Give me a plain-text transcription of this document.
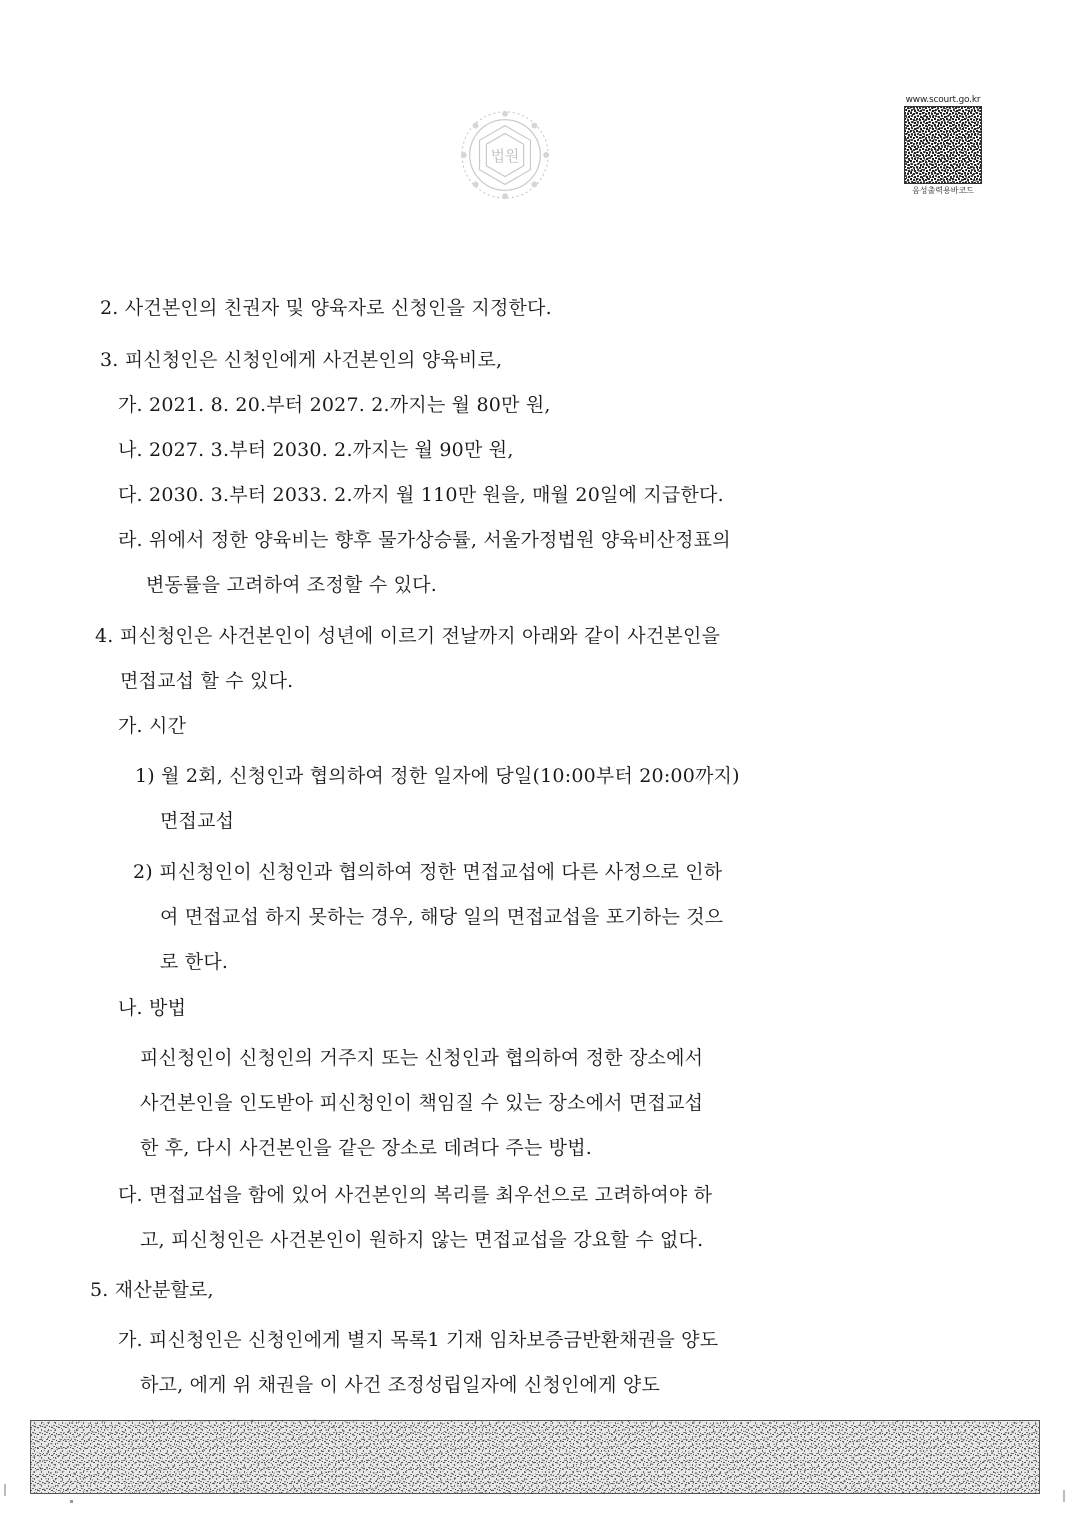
법원
www.scourt.go.kr
음성출력용바코드
2. 사건본인의 친권자 및 양육자로 신청인을 지정한다.
3. 피신청인은 신청인에게 사건본인의 양육비로,
가. 2021. 8. 20.부터 2027. 2.까지는 월 80만 원,
나. 2027. 3.부터 2030. 2.까지는 월 90만 원,
다. 2030. 3.부터 2033. 2.까지 월 110만 원을, 매월 20일에 지급한다.
라. 위에서 정한 양육비는 향후 물가상승률, 서울가정법원 양육비산정표의
변동률을 고려하여 조정할 수 있다.
4. 피신청인은 사건본인이 성년에 이르기 전날까지 아래와 같이 사건본인을
면접교섭 할 수 있다.
가. 시간
1) 월 2회, 신청인과 협의하여 정한 일자에 당일(10:00부터 20:00까지)
면접교섭
2) 피신청인이 신청인과 협의하여 정한 면접교섭에 다른 사정으로 인하
여 면접교섭 하지 못하는 경우, 해당 일의 면접교섭을 포기하는 것으
로 한다.
나. 방법
피신청인이 신청인의 거주지 또는 신청인과 협의하여 정한 장소에서
사건본인을 인도받아 피신청인이 책임질 수 있는 장소에서 면접교섭
한 후, 다시 사건본인을 같은 장소로 데려다 주는 방법.
다. 면접교섭을 함에 있어 사건본인의 복리를 최우선으로 고려하여야 하
고, 피신청인은 사건본인이 원하지 않는 면접교섭을 강요할 수 없다.
5. 재산분할로,
가. 피신청인은 신청인에게 별지 목록1 기재 임차보증금반환채권을 양도
하고, 에게 위 채권을 이 사건 조정성립일자에 신청인에게 양도
